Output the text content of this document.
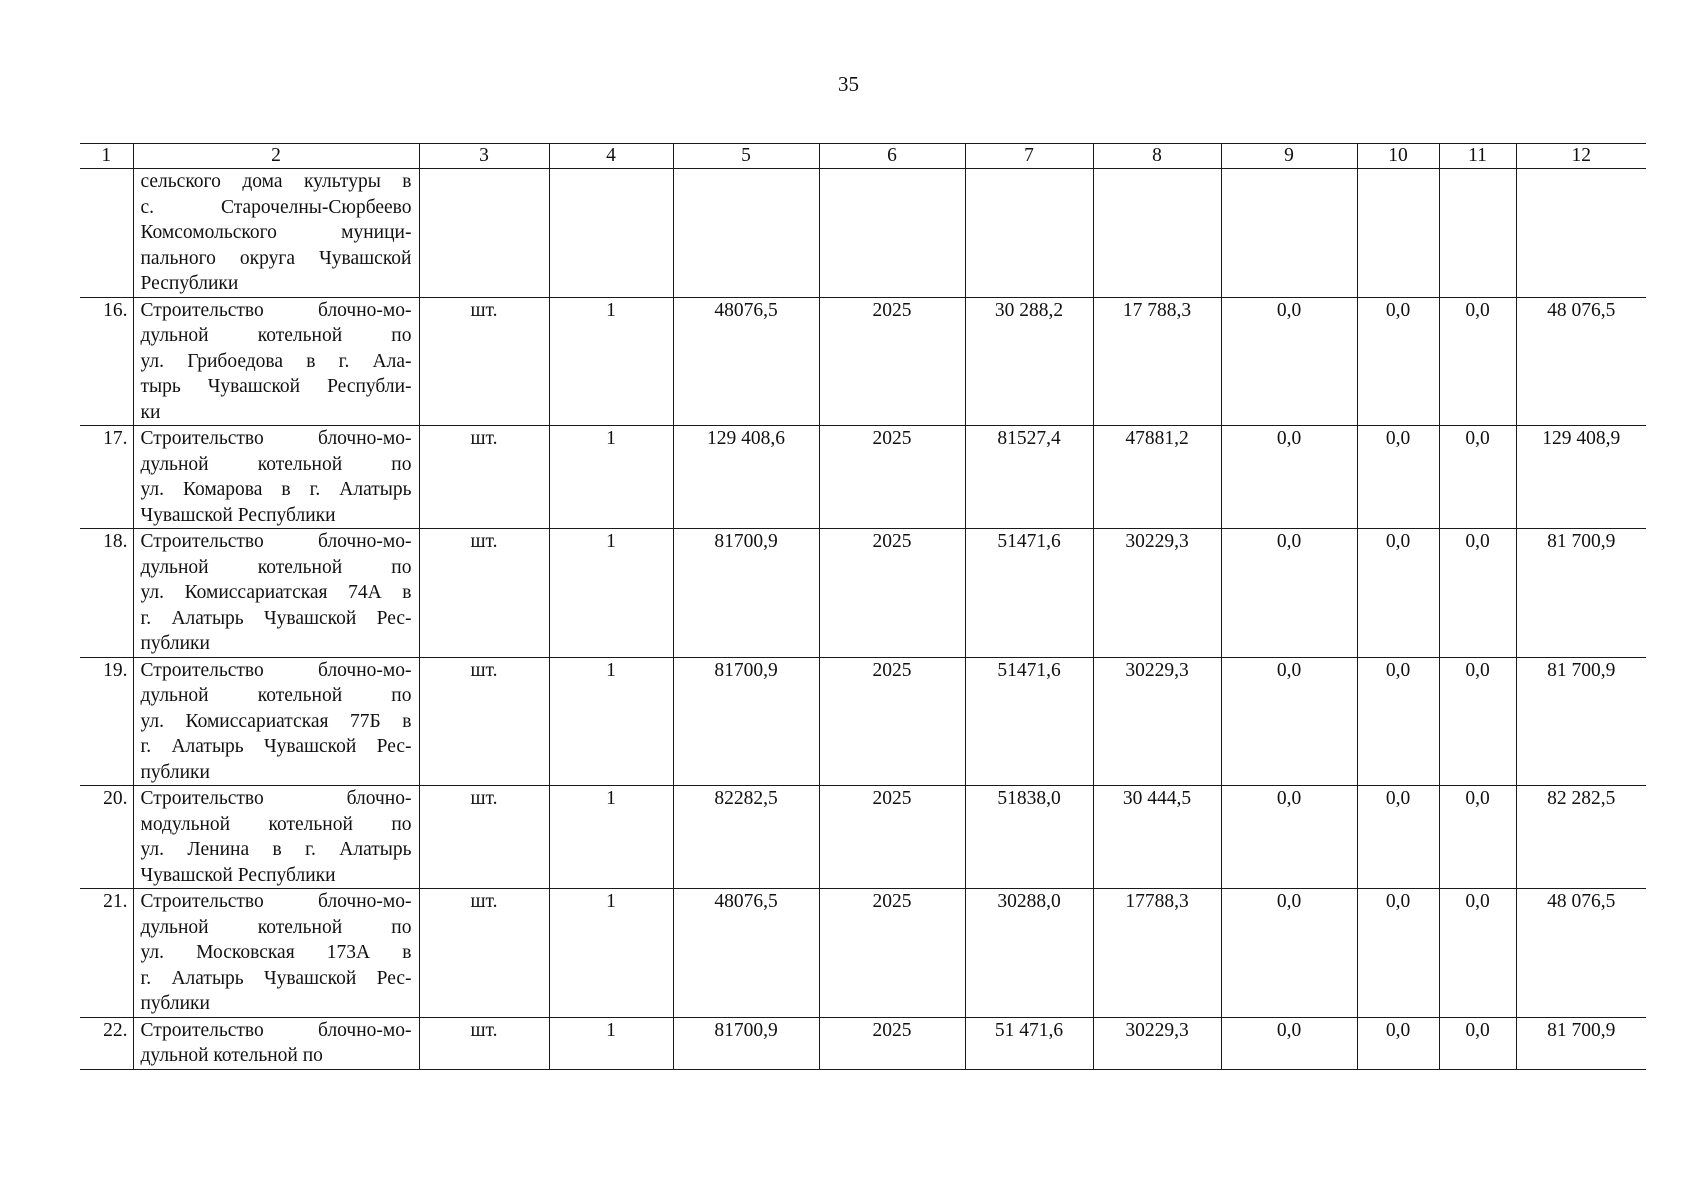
35
1	2	3	4	5	6	7	8	9	10	11	12

	сельского дома культуры в
с. Старочелны-Сюрбеево
Комсомольского муници-
пального округа Чувашской
Республики										

16.	Строительство блочно-мо-
дульной котельной по
ул. Грибоедова в г. Ала-
тырь Чувашской Республи-
ки	шт.	1	48076,5	2025	30 288,2	17 788,3	0,0	0,0	0,0	48 076,5
17.	Строительство блочно-мо-
дульной котельной по
ул. Комарова в г. Алатырь
Чувашской Республики	шт.	1	129 408,6	2025	81527,4	47881,2	0,0	0,0	0,0	129 408,9
18.	Строительство блочно-мо-
дульной котельной по
ул. Комиссариатская 74А в
г. Алатырь Чувашской Рес-
публики	шт.	1	81700,9	2025	51471,6	30229,3	0,0	0,0	0,0	81 700,9
19.	Строительство блочно-мо-
дульной котельной по
ул. Комиссариатская 77Б в
г. Алатырь Чувашской Рес-
публики	шт.	1	81700,9	2025	51471,6	30229,3	0,0	0,0	0,0	81 700,9
20.	Строительство блочно-
модульной котельной по
ул. Ленина в г. Алатырь
Чувашской Республики	шт.	1	82282,5	2025	51838,0	30 444,5	0,0	0,0	0,0	82 282,5
21.	Строительство блочно-мо-
дульной котельной по
ул. Московская 173А в
г. Алатырь Чувашской Рес-
публики	шт.	1	48076,5	2025	30288,0	17788,3	0,0	0,0	0,0	48 076,5
22.	Строительство блочно-мо-
дульной котельной по	шт.	1	81700,9	2025	51 471,6	30229,3	0,0	0,0	0,0	81 700,9
